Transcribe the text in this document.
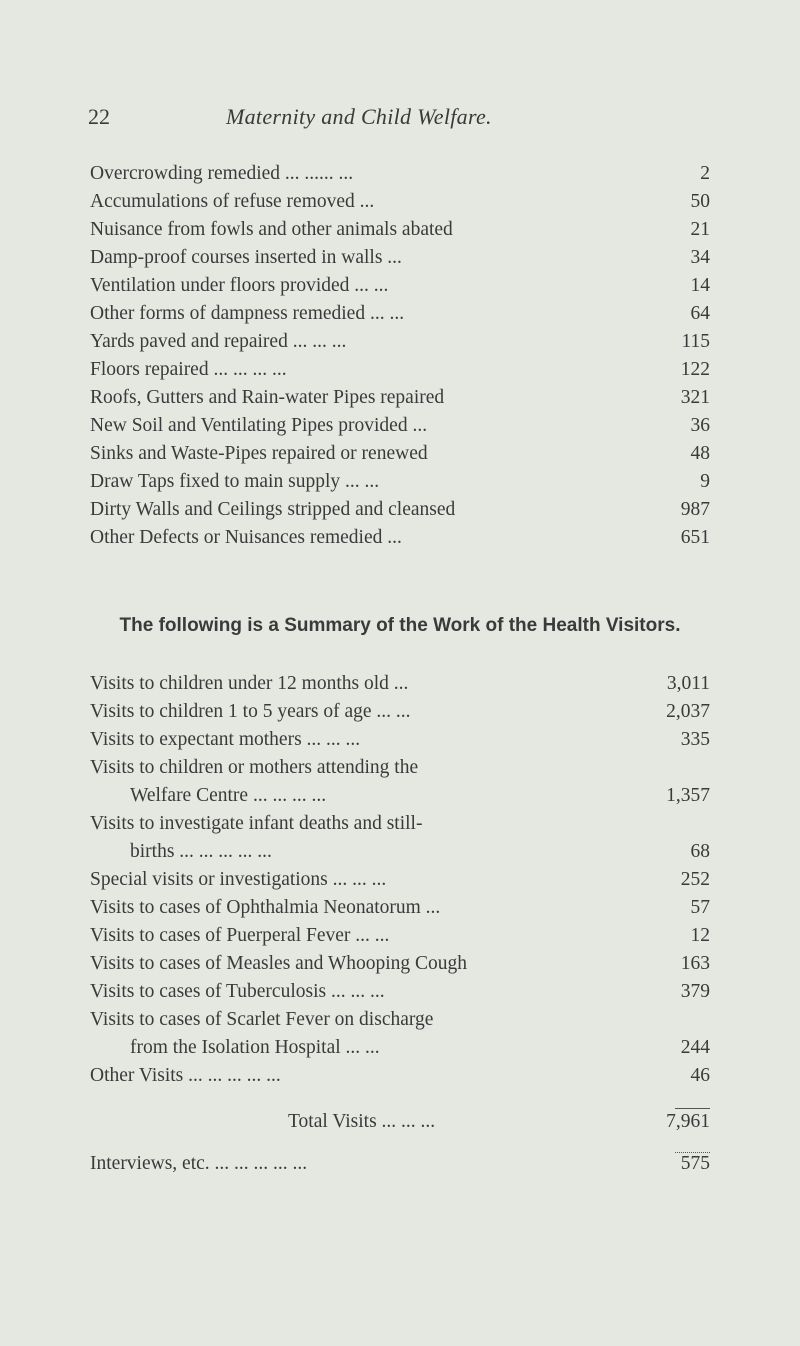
22	Maternity and Child Welfare.
Overcrowding remedied ... ...... ...	2
Accumulations of refuse removed ...	50
Nuisance from fowls and other animals abated	21
Damp-proof courses inserted in walls ...	34
Ventilation under floors provided ... ...	14
Other forms of dampness remedied ... ...	64
Yards paved and repaired ... ... ...	115
Floors repaired ... ... ... ...	122
Roofs, Gutters and Rain-water Pipes repaired	321
New Soil and Ventilating Pipes provided ...	36
Sinks and Waste-Pipes repaired or renewed	48
Draw Taps fixed to main supply ... ...	9
Dirty Walls and Ceilings stripped and cleansed	987
Other Defects or Nuisances remedied ...	651
The following is a Summary of the Work of the Health Visitors.
Visits to children under 12 months old ...	3,011
Visits to children 1 to 5 years of age ... ...	2,037
Visits to expectant mothers ... ... ...	335
Visits to children or mothers attending the
Welfare Centre ... ... ... ...	1,357
Visits to investigate infant deaths and still-
births ... ... ... ... ...	68
Special visits or investigations ... ... ...	252
Visits to cases of Ophthalmia Neonatorum ...	57
Visits to cases of Puerperal Fever ... ...	12
Visits to cases of Measles and Whooping Cough	163
Visits to cases of Tuberculosis ... ... ...	379
Visits to cases of Scarlet Fever on discharge
from the Isolation Hospital ... ...	244
Other Visits ... ... ... ... ...	46
Total Visits ... ... ...	7,961
Interviews, etc. ... ... ... ... ...	575
